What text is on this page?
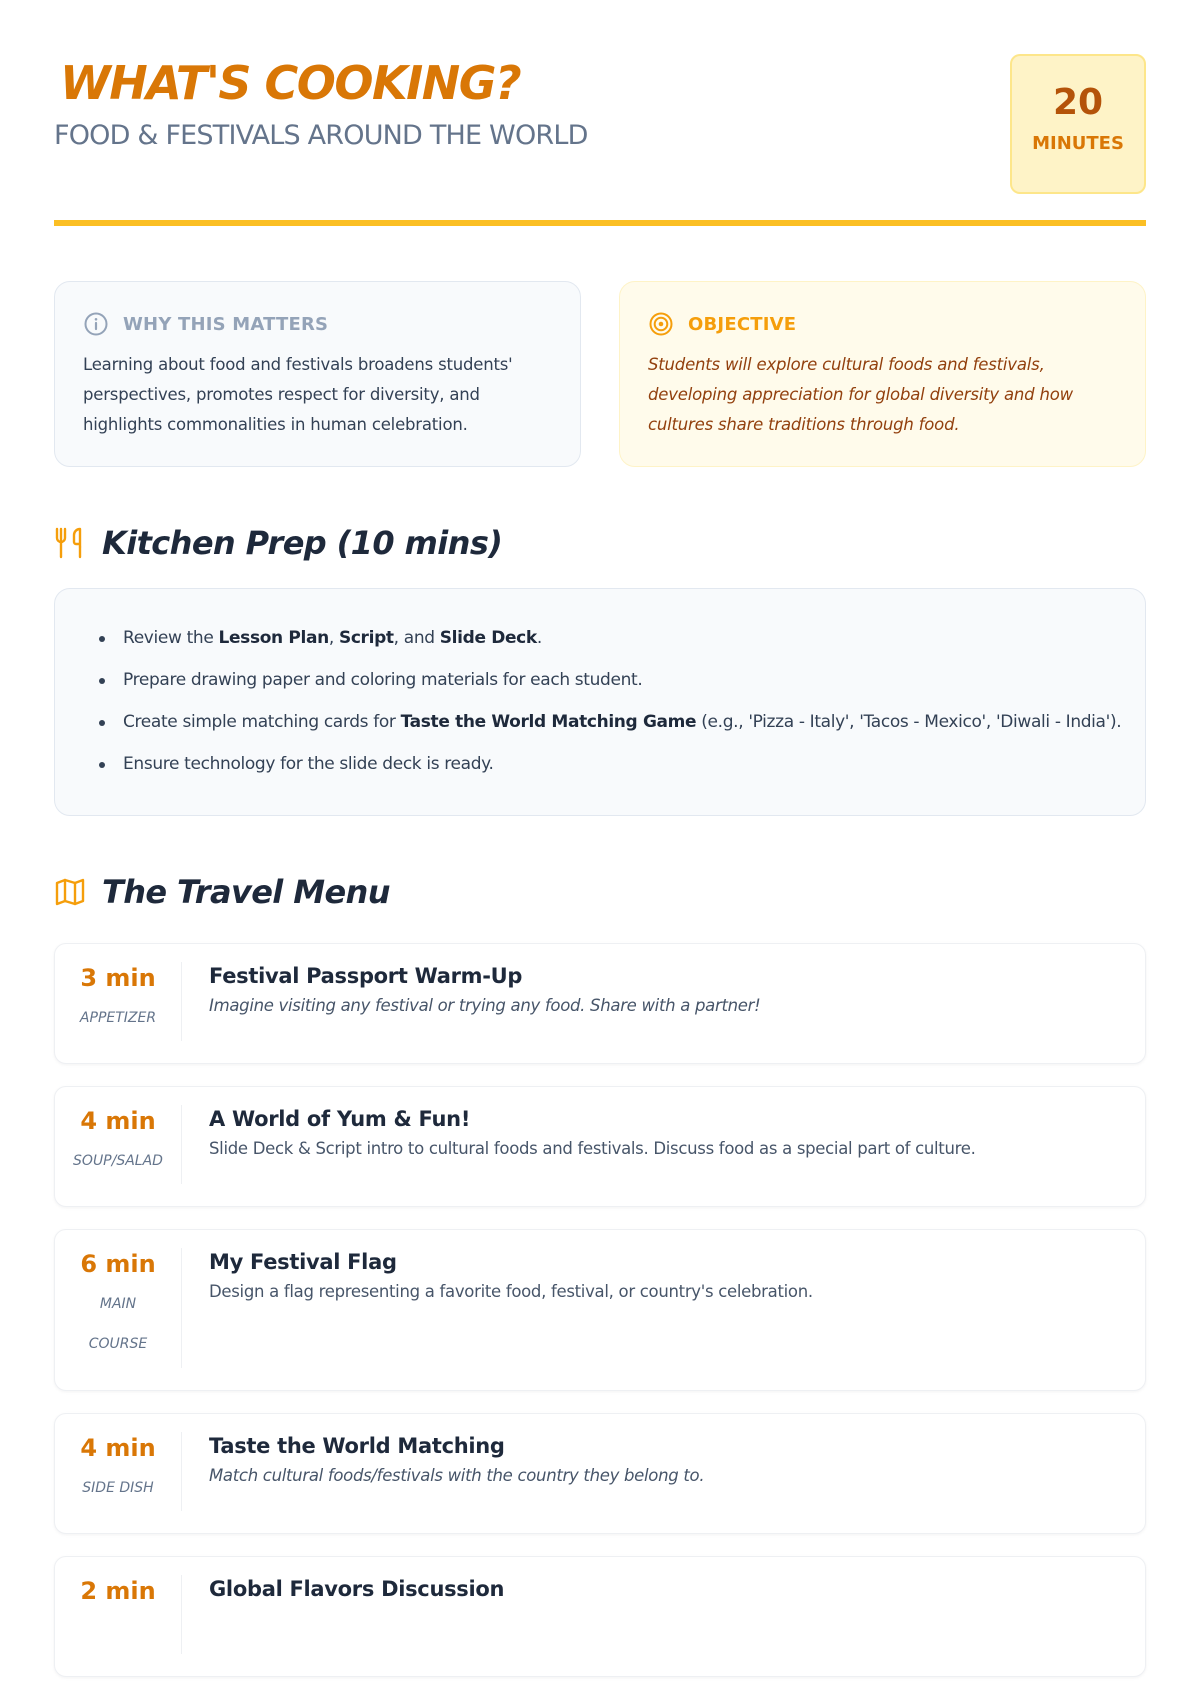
WHAT'S COOKING?
FOOD & FESTIVALS AROUND THE WORLD
20
MINUTES
WHY THIS MATTERS

Learning about food and festivals broadens students' perspectives, promotes respect for diversity, and highlights commonalities in human celebration.

OBJECTIVE

Students will explore cultural foods and festivals, developing appreciation for global diversity and how cultures share traditions through food.

Kitchen Prep (10 mins)
Review the Lesson Plan, Script, and Slide Deck.
Prepare drawing paper and coloring materials for each student.
Create simple matching cards for Taste the World Matching Game (e.g., 'Pizza - Italy', 'Tacos - Mexico', 'Diwali - India').
Ensure technology for the slide deck is ready.
The Travel Menu
3 min
APPETIZER
Festival Passport Warm-Up
Imagine visiting any festival or trying any food. Share with a partner!
4 min
SOUP/SALAD
A World of Yum & Fun!
Slide Deck & Script intro to cultural foods and festivals. Discuss food as a special part of culture.
6 min
MAIN
COURSE
My Festival Flag
Design a flag representing a favorite food, festival, or country's celebration.
4 min
SIDE DISH
Taste the World Matching
Match cultural foods/festivals with the country they belong to.
2 min	Global Flavors Discussion
